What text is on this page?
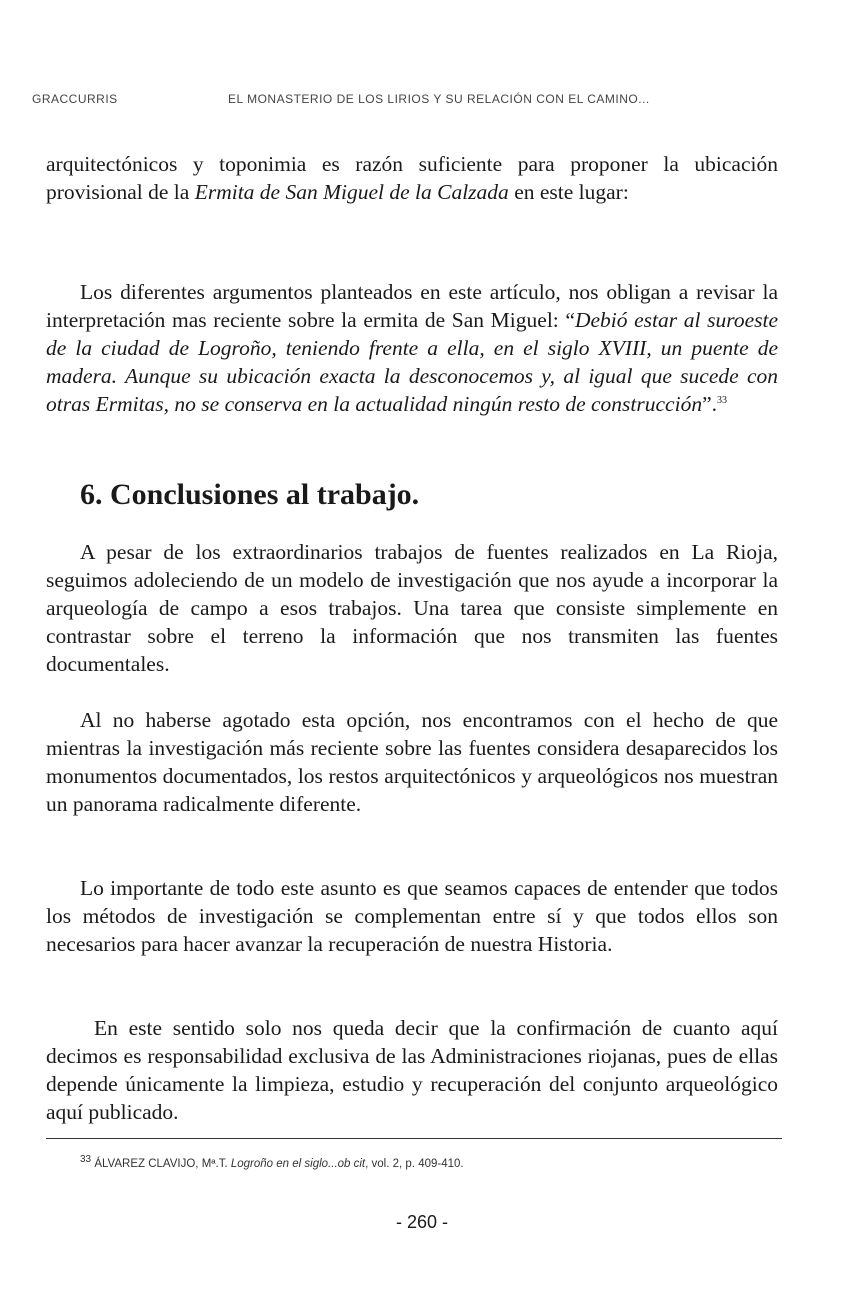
GRACCURRIS	EL MONASTERIO DE LOS LIRIOS Y SU RELACIÓN CON EL CAMINO...

arquitectónicos y toponimia es razón suficiente para proponer la ubicación provisional de la Ermita de San Miguel de la Calzada en este lugar:

Los diferentes argumentos planteados en este artículo, nos obligan a revisar la interpretación mas reciente sobre la ermita de San Miguel: “Debió estar al suroeste de la ciudad de Logroño, teniendo frente a ella, en el siglo XVIII, un puente de madera. Aunque su ubicación exacta la desconocemos y, al igual que sucede con otras Ermitas, no se conserva en la actualidad ningún resto de construcción”.$^{33}$

6. Conclusiones al trabajo.

A pesar de los extraordinarios trabajos de fuentes realizados en La Rioja, seguimos adoleciendo de un modelo de investigación que nos ayude a incorporar la arqueología de campo a esos trabajos. Una tarea que consiste simplemente en contrastar sobre el terreno la información que nos transmiten las fuentes documentales.

Al no haberse agotado esta opción, nos encontramos con el hecho de que mientras la investigación más reciente sobre las fuentes considera desaparecidos los monumentos documentados, los restos arquitectónicos y arqueológicos nos muestran un panorama radicalmente diferente.

Lo importante de todo este asunto es que seamos capaces de entender que todos los métodos de investigación se complementan entre sí y que todos ellos son necesarios para hacer avanzar la recuperación de nuestra Historia.

En este sentido solo nos queda decir que la confirmación de cuanto aquí decimos es responsabilidad exclusiva de las Administraciones riojanas, pues de ellas depende únicamente la limpieza, estudio y recuperación del conjunto arqueológico aquí publicado.

$^{33}$ ÁLVAREZ CLAVIJO, Mª.T. Logroño en el siglo...ob cit, vol. 2, p. 409-410.
- 260 -
